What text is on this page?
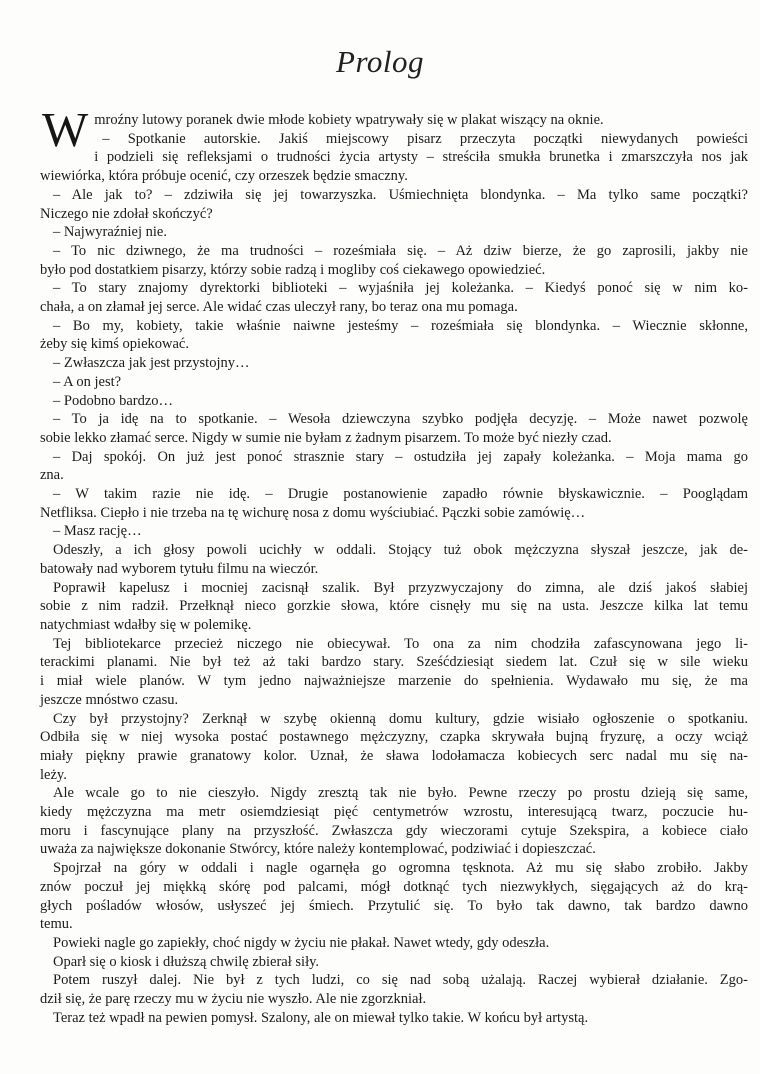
Prolog
W mroźny lutowy poranek dwie młode kobiety wpatrywały się w plakat wiszący na oknie.
– Spotkanie autorskie. Jakiś miejscowy pisarz przeczyta początki niewydanych powieści
i podzieli się refleksjami o trudności życia artysty – streściła smukła brunetka i zmarszczyła nos jak
wiewiórka, która próbuje ocenić, czy orzeszek będzie smaczny.
– Ale jak to? – zdziwiła się jej towarzyszka. Uśmiechnięta blondynka. – Ma tylko same początki?
Niczego nie zdołał skończyć?
– Najwyraźniej nie.
– To nic dziwnego, że ma trudności – roześmiała się. – Aż dziw bierze, że go zaprosili, jakby nie
było pod dostatkiem pisarzy, którzy sobie radzą i mogliby coś ciekawego opowiedzieć.
– To stary znajomy dyrektorki biblioteki – wyjaśniła jej koleżanka. – Kiedyś ponoć się w nim ko-
chała, a on złamał jej serce. Ale widać czas uleczył rany, bo teraz ona mu pomaga.
– Bo my, kobiety, takie właśnie naiwne jesteśmy – roześmiała się blondynka. – Wiecznie skłonne,
żeby się kimś opiekować.
– Zwłaszcza jak jest przystojny…
– A on jest?
– Podobno bardzo…
– To ja idę na to spotkanie. – Wesoła dziewczyna szybko podjęła decyzję. – Może nawet pozwolę
sobie lekko złamać serce. Nigdy w sumie nie byłam z żadnym pisarzem. To może być niezły czad.
– Daj spokój. On już jest ponoć strasznie stary – ostudziła jej zapały koleżanka. – Moja mama go
zna.
– W takim razie nie idę. – Drugie postanowienie zapadło równie błyskawicznie. – Pooglądam
Netfliksa. Ciepło i nie trzeba na tę wichurę nosa z domu wyściubiać. Pączki sobie zamówię…
– Masz rację…
Odeszły, a ich głosy powoli ucichły w oddali. Stojący tuż obok mężczyzna słyszał jeszcze, jak de-
batowały nad wyborem tytułu filmu na wieczór.
Poprawił kapelusz i mocniej zacisnął szalik. Był przyzwyczajony do zimna, ale dziś jakoś słabiej
sobie z nim radził. Przełknął nieco gorzkie słowa, które cisnęły mu się na usta. Jeszcze kilka lat temu
natychmiast wdałby się w polemikę.
Tej bibliotekarce przecież niczego nie obiecywał. To ona za nim chodziła zafascynowana jego li-
terackimi planami. Nie był też aż taki bardzo stary. Sześćdziesiąt siedem lat. Czuł się w sile wieku
i miał wiele planów. W tym jedno najważniejsze marzenie do spełnienia. Wydawało mu się, że ma
jeszcze mnóstwo czasu.
Czy był przystojny? Zerknął w szybę okienną domu kultury, gdzie wisiało ogłoszenie o spotkaniu.
Odbiła się w niej wysoka postać postawnego mężczyzny, czapka skrywała bujną fryzurę, a oczy wciąż
miały piękny prawie granatowy kolor. Uznał, że sława lodołamacza kobiecych serc nadal mu się na-
leży.
Ale wcale go to nie cieszyło. Nigdy zresztą tak nie było. Pewne rzeczy po prostu dzieją się same,
kiedy mężczyzna ma metr osiemdziesiąt pięć centymetrów wzrostu, interesującą twarz, poczucie hu-
moru i fascynujące plany na przyszłość. Zwłaszcza gdy wieczorami cytuje Szekspira, a kobiece ciało
uważa za największe dokonanie Stwórcy, które należy kontemplować, podziwiać i dopieszczać.
Spojrzał na góry w oddali i nagle ogarnęła go ogromna tęsknota. Aż mu się słabo zrobiło. Jakby
znów poczuł jej miękką skórę pod palcami, mógł dotknąć tych niezwykłych, sięgających aż do krą-
głych pośladów włosów, usłyszeć jej śmiech. Przytulić się. To było tak dawno, tak bardzo dawno
temu.
Powieki nagle go zapiekły, choć nigdy w życiu nie płakał. Nawet wtedy, gdy odeszła.
Oparł się o kiosk i dłuższą chwilę zbierał siły.
Potem ruszył dalej. Nie był z tych ludzi, co się nad sobą użalają. Raczej wybierał działanie. Zgo-
dził się, że parę rzeczy mu w życiu nie wyszło. Ale nie zgorzkniał.
Teraz też wpadł na pewien pomysł. Szalony, ale on miewał tylko takie. W końcu był artystą.
